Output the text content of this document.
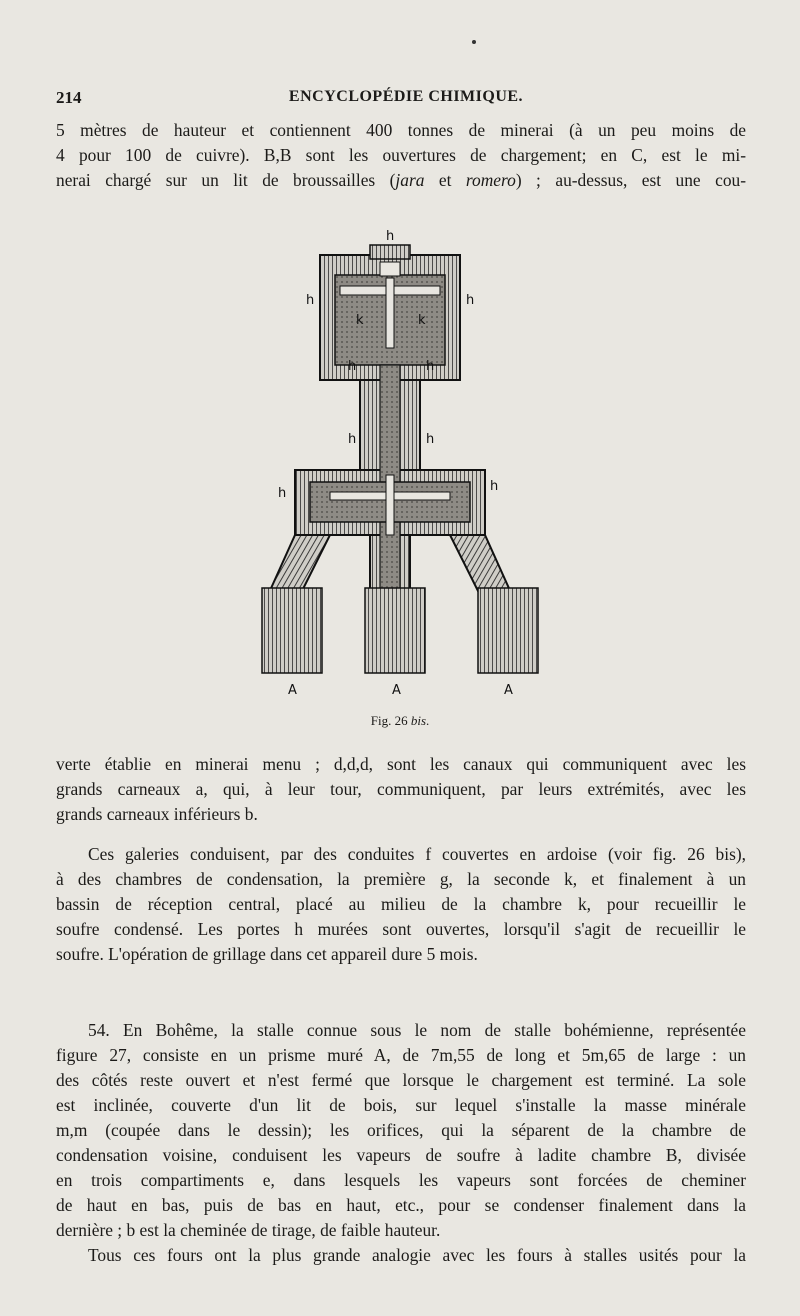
214	ENCYCLOPÉDIE CHIMIQUE.

5 mètres de hauteur et contiennent 400 tonnes de minerai (à un peu moins de
4 pour 100 de cuivre). B,B sont les ouvertures de chargement; en C, est le mi-
nerai chargé sur un lit de broussailles (jara et romero) ; au-dessus, est une cou-

h
h	h
k	k
h	h
h	h
h	h
A	A	A
Fig. 26 bis.

verte établie en minerai menu ; d,d,d, sont les canaux qui communiquent avec les
grands carneaux a, qui, à leur tour, communiquent, par leurs extrémités, avec les
grands carneaux inférieurs b.

Ces galeries conduisent, par des conduites f couvertes en ardoise (voir fig. 26 bis),
à des chambres de condensation, la première g, la seconde k, et finalement à un
bassin de réception central, placé au milieu de la chambre k, pour recueillir le
soufre condensé. Les portes h murées sont ouvertes, lorsqu'il s'agit de recueillir le
soufre. L'opération de grillage dans cet appareil dure 5 mois.

54. En Bohême, la stalle connue sous le nom de stalle bohémienne, représentée
figure 27, consiste en un prisme muré A, de 7m,55 de long et 5m,65 de large : un
des côtés reste ouvert et n'est fermé que lorsque le chargement est terminé. La sole
est inclinée, couverte d'un lit de bois, sur lequel s'installe la masse minérale
m,m (coupée dans le dessin); les orifices, qui la séparent de la chambre de
condensation voisine, conduisent les vapeurs de soufre à ladite chambre B, divisée
en trois compartiments e, dans lesquels les vapeurs sont forcées de cheminer
de haut en bas, puis de bas en haut, etc., pour se condenser finalement dans la
dernière ; b est la cheminée de tirage, de faible hauteur.
Tous ces fours ont la plus grande analogie avec les fours à stalles usités pour la
